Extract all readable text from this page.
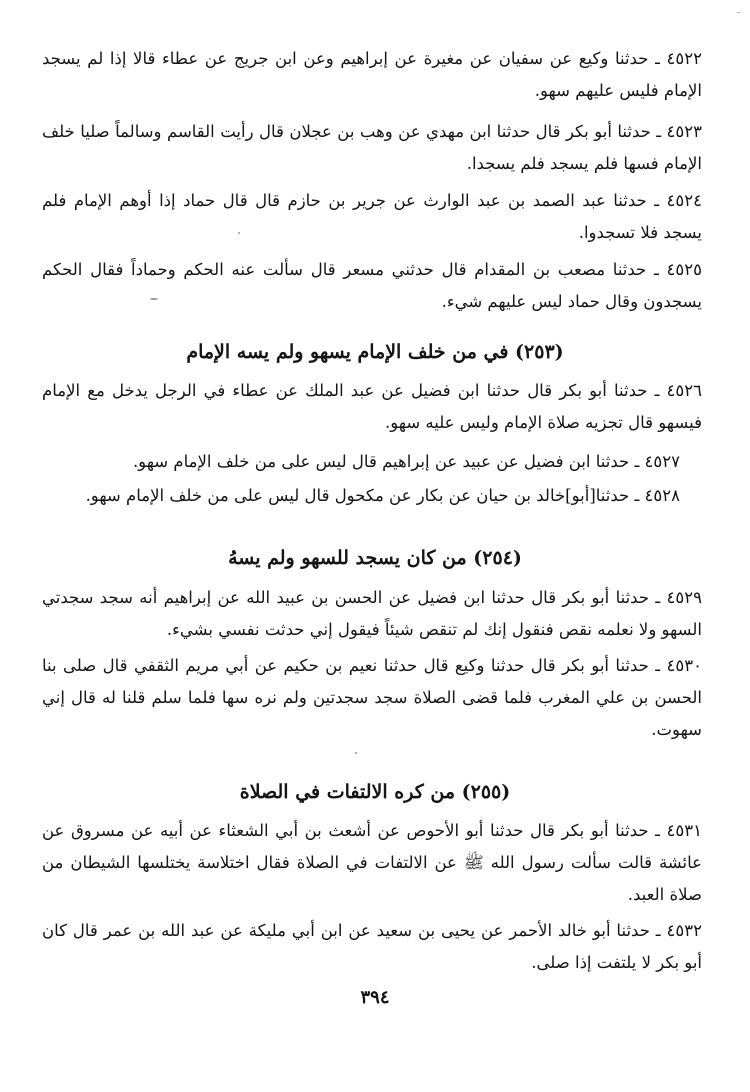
٤٥٢٢ ـ حدثنا وكيع عن سفيان عن مغيرة عن إبراهيم وعن ابن جريج عن عطاء قالا إذا لم يسجد الإمام فليس عليهم سهو.

٤٥٢٣ ـ حدثنا أبو بكر قال حدثنا ابن مهدي عن وهب بن عجلان قال رأيت القاسم وسالماً صليا خلف الإمام فسها فلم يسجد فلم يسجدا.

٤٥٢٤ ـ حدثنا عبد الصمد بن عبد الوارث عن جرير بن حازم قال قال حماد إذا أوهم الإمام فلم يسجد فلا تسجدوا.

٤٥٢٥ ـ حدثنا مصعب بن المقدام قال حدثني مسعر قال سألت عنه الحكم وحماداً فقال الحكم يسجدون وقال حماد ليس عليهم شيء.

(٢٥٣) في من خلف الإمام يسهو ولم يسه الإمام

٤٥٢٦ ـ حدثنا أبو بكر قال حدثنا ابن فضيل عن عبد الملك عن عطاء في الرجل يدخل مع الإمام فيسهو قال تجزيه صلاة الإمام وليس عليه سهو.

٤٥٢٧ ـ حدثنا ابن فضيل عن عبيد عن إبراهيم قال ليس على من خلف الإمام سهو.

٤٥٢٨ ـ حدثنا[أبو]خالد بن حيان عن بكار عن مكحول قال ليس على من خلف الإمام سهو.

(٢٥٤) من كان يسجد للسهو ولم يسهُ

٤٥٢٩ ـ حدثنا أبو بكر قال حدثنا ابن فضيل عن الحسن بن عبيد الله عن إبراهيم أنه سجد سجدتي السهو ولا نعلمه نقص فنقول إنك لم تنقص شيئاً فيقول إني حدثت نفسي بشيء.

٤٥٣٠ ـ حدثنا أبو بكر قال حدثنا وكيع قال حدثنا نعيم بن حكيم عن أبي مريم الثقفي قال صلى بنا الحسن بن علي المغرب فلما قضى الصلاة سجد سجدتين ولم نره سها فلما سلم قلنا له قال إني سهوت.

(٢٥٥) من كره الالتفات في الصلاة

٤٥٣١ ـ حدثنا أبو بكر قال حدثنا أبو الأحوص عن أشعث بن أبي الشعثاء عن أبيه عن مسروق عن عائشة قالت سألت رسول الله ﷺ عن الالتفات في الصلاة فقال اختلاسة يختلسها الشيطان من صلاة العبد.

٤٥٣٢ ـ حدثنا أبو خالد الأحمر عن يحيى بن سعيد عن ابن أبي مليكة عن عبد الله بن عمر قال كان أبو بكر لا يلتفت إذا صلى.

٣٩٤
